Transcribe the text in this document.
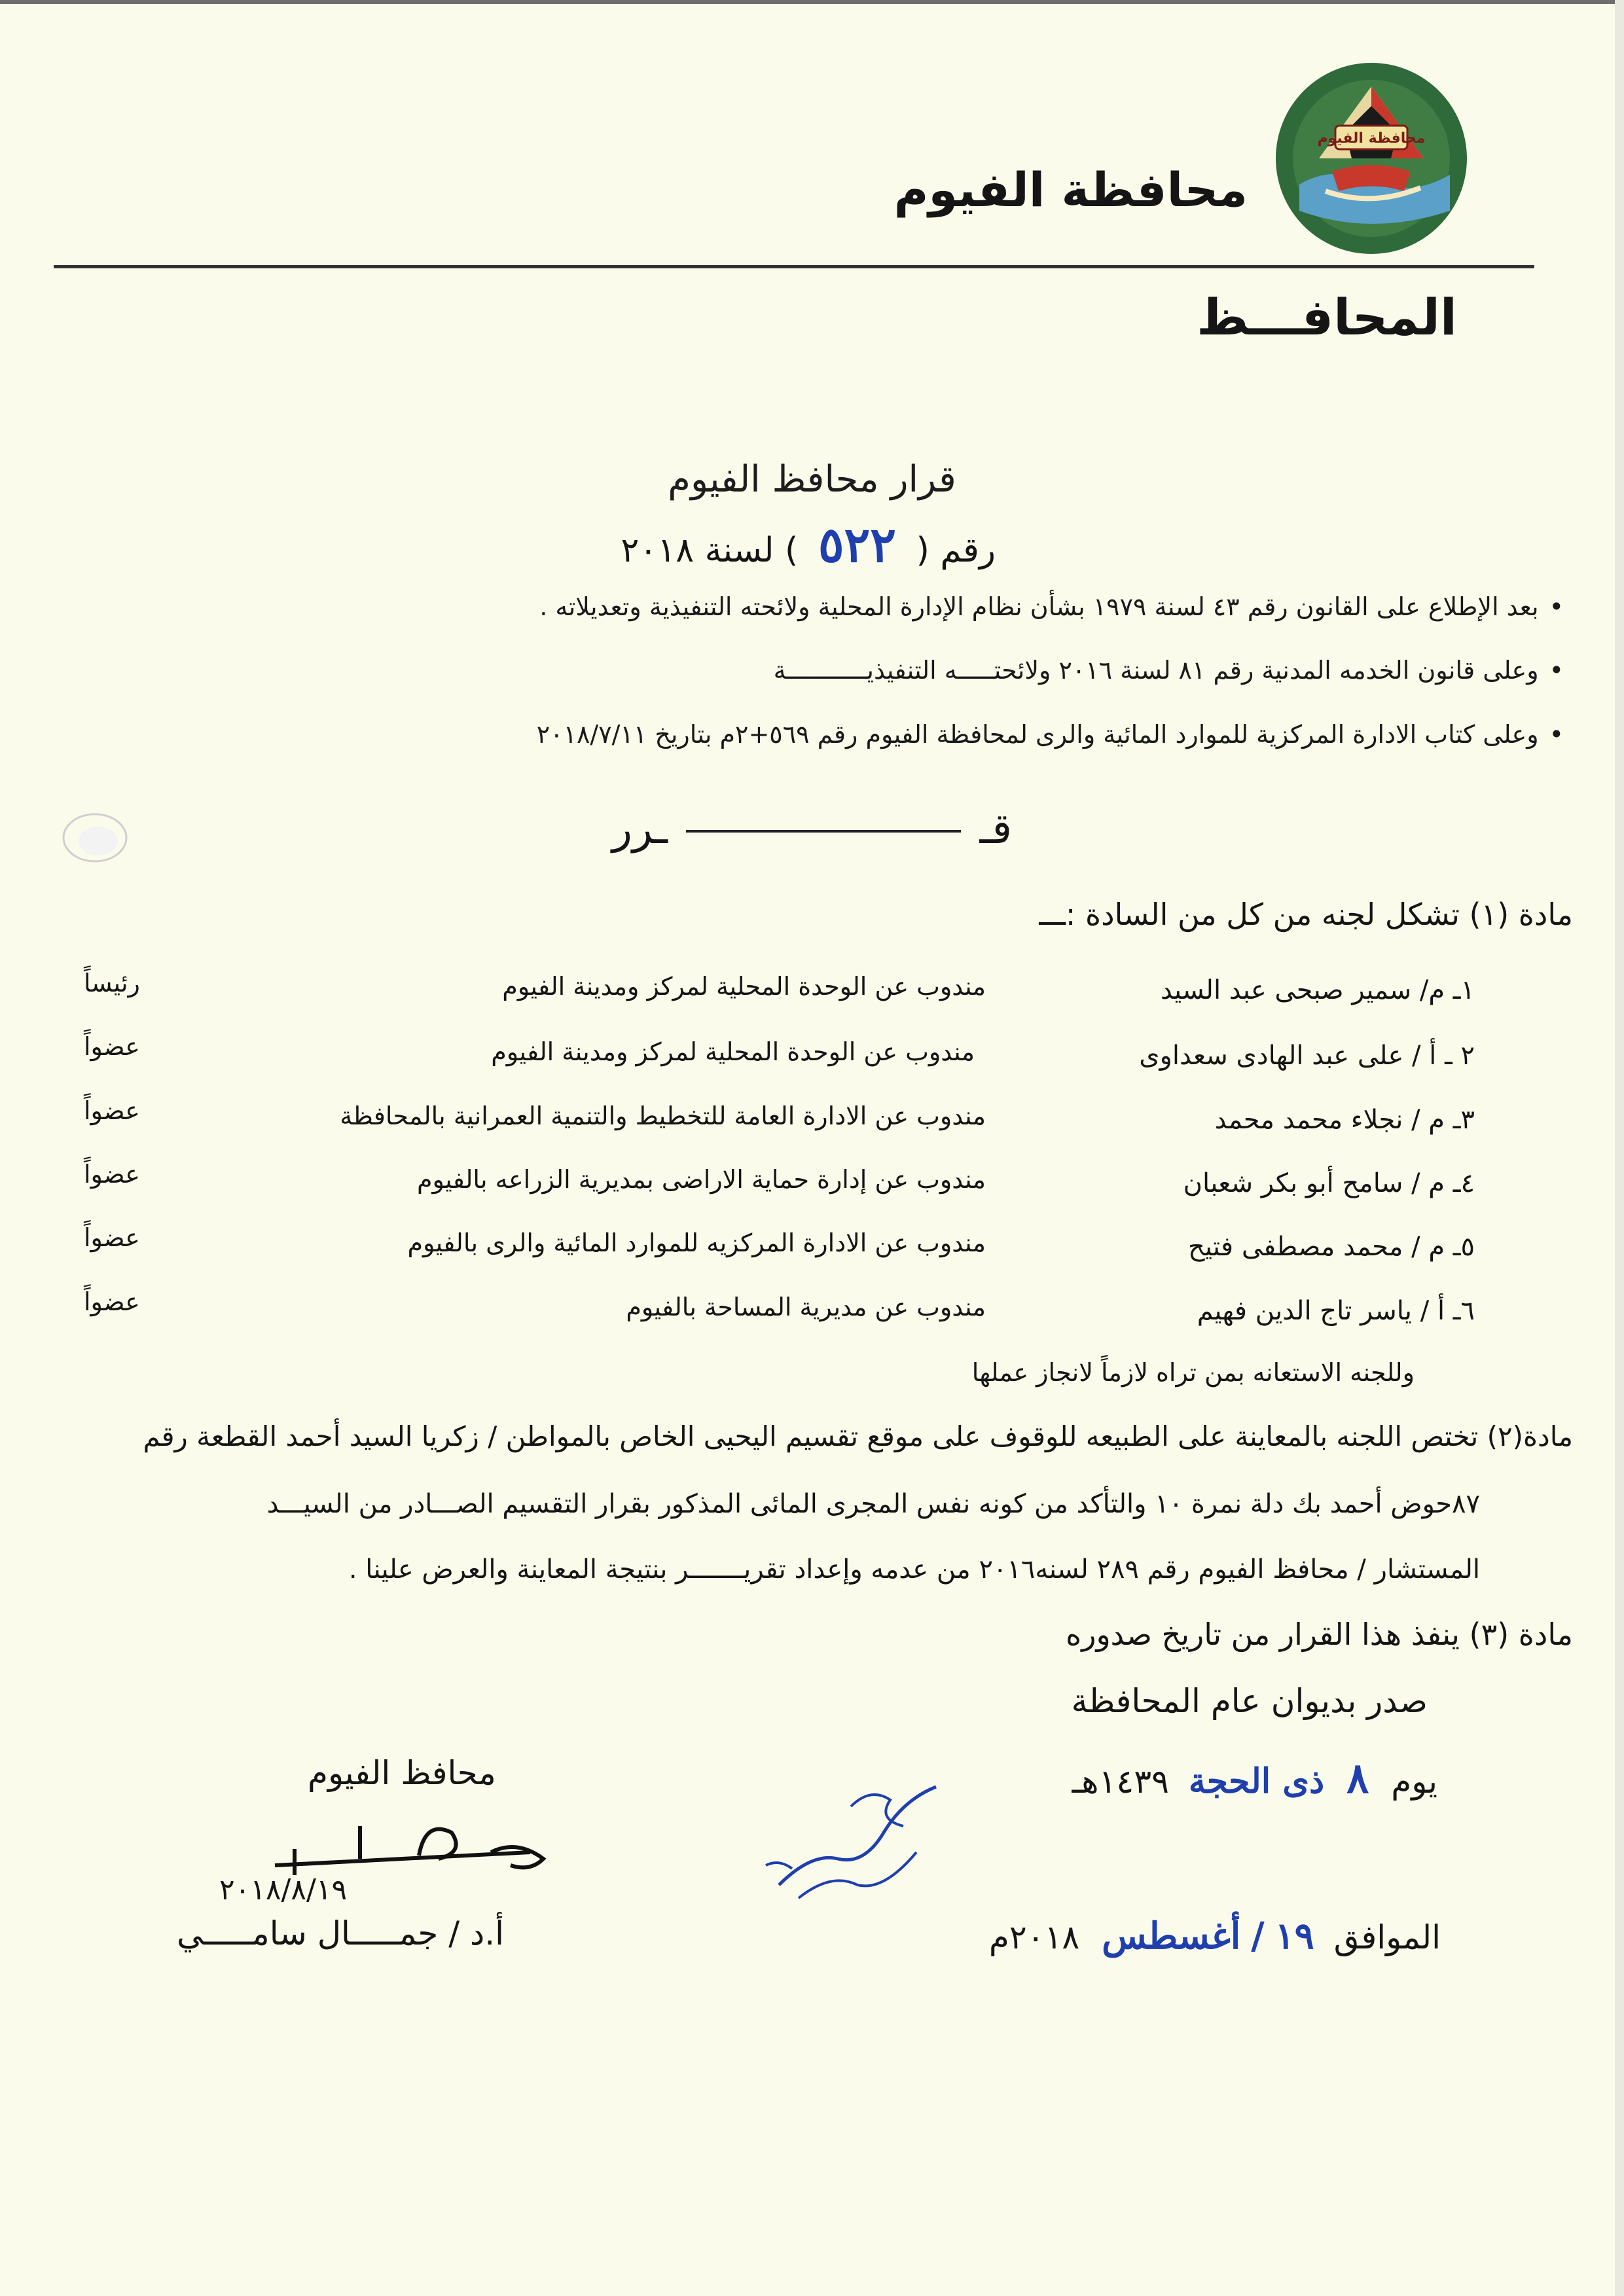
محافظة الفيوم
محافظة الفيوم
المحافـــظ
قرار محافظ الفيوم
رقم ( ٥٢٢ ) لسنة ٢٠١٨
• بعد الإطلاع على القانون رقم ٤٣ لسنة ١٩٧٩ بشأن نظام الإدارة المحلية ولائحته التنفيذية وتعديلاته .
• وعلى قانون الخدمه المدنية رقم ٨١ لسنة ٢٠١٦ ولائحتـــــه التنفيذيـــــــــــة
• وعلى كتاب الادارة المركزية للموارد المائية والرى لمحافظة الفيوم رقم ٥٦٩+٢م بتاريخ ٢٠١٨/٧/١١
ـرر	قـ
مادة (١) تشكل لجنه من كل من السادة :ـــ
١ـ م/ سمير صبحى عبد السيد
مندوب عن الوحدة المحلية لمركز ومدينة الفيوم
رئيساً
٢ ـ أ / على عبد الهادى سعداوى
مندوب عن الوحدة المحلية لمركز ومدينة الفيوم
عضواً
٣ـ م / نجلاء محمد محمد
مندوب عن الادارة العامة للتخطيط والتنمية العمرانية بالمحافظة
عضواً
٤ـ م / سامح أبو بكر شعبان
مندوب عن إدارة حماية الاراضى بمديرية الزراعه بالفيوم
عضواً
٥ـ م / محمد مصطفى فتيح
مندوب عن الادارة المركزيه للموارد المائية والرى بالفيوم
عضواً
٦ـ أ / ياسر تاج الدين فهيم
مندوب عن مديرية المساحة بالفيوم
عضواً
وللجنه الاستعانه بمن تراه لازماً لانجاز عملها
مادة(٢) تختص اللجنه بالمعاينة على الطبيعه للوقوف على موقع تقسيم اليحيى الخاص بالمواطن / زكريا السيد أحمد القطعة رقم
٨٧حوض أحمد بك دلة نمرة ١٠ والتأكد من كونه نفس المجرى المائى المذكور بقرار التقسيم الصـــادر من السيـــد
المستشار / محافظ الفيوم رقم ٢٨٩ لسنه٢٠١٦ من عدمه وإعداد تقريـــــــر بنتيجة المعاينة والعرض علينا .
مادة (٣) ينفذ هذا القرار من تاريخ صدوره
صدر بديوان عام المحافظة
يوم ٨ ذى الحجة ١٤٣٩هـ
الموافق ١٩ / أغسطس ٢٠١٨م
محافظ الفيوم
٢٠١٨/٨/١٩
أ.د / جمـــــال سامـــــي
